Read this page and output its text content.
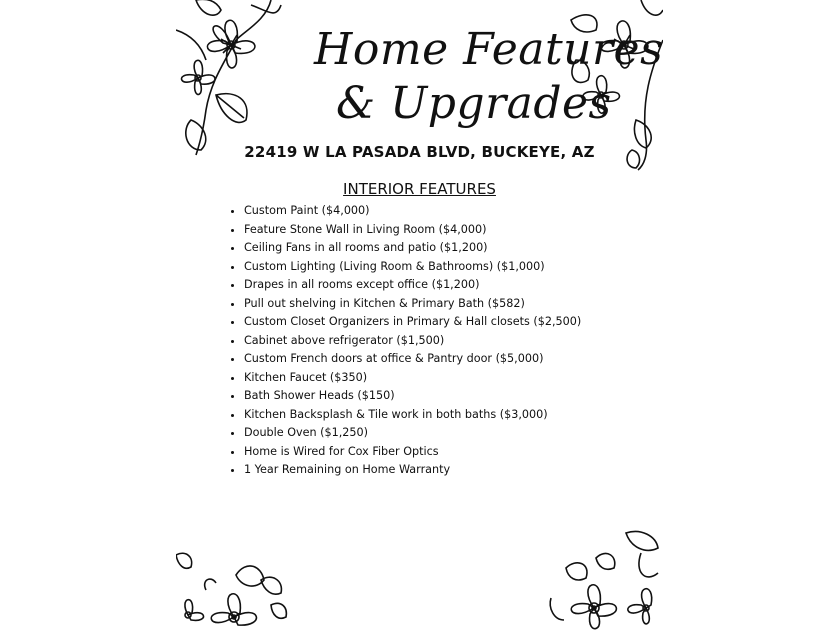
Home Features
& Upgrades
22419 W LA PASADA BLVD, BUCKEYE, AZ
INTERIOR FEATURES
• Custom Paint ($4,000)
• Feature Stone Wall in Living Room ($4,000)
• Ceiling Fans in all rooms and patio ($1,200)
• Custom Lighting (Living Room & Bathrooms) ($1,000)
• Drapes in all rooms except office ($1,200)
• Pull out shelving in Kitchen & Primary Bath ($582)
• Custom Closet Organizers in Primary & Hall closets ($2,500)
• Cabinet above refrigerator ($1,500)
• Custom French doors at office & Pantry door ($5,000)
• Kitchen Faucet ($350)
• Bath Shower Heads ($150)
• Kitchen Backsplash & Tile work in both baths ($3,000)
• Double Oven ($1,250)
• Home is Wired for Cox Fiber Optics
• 1 Year Remaining on Home Warranty
